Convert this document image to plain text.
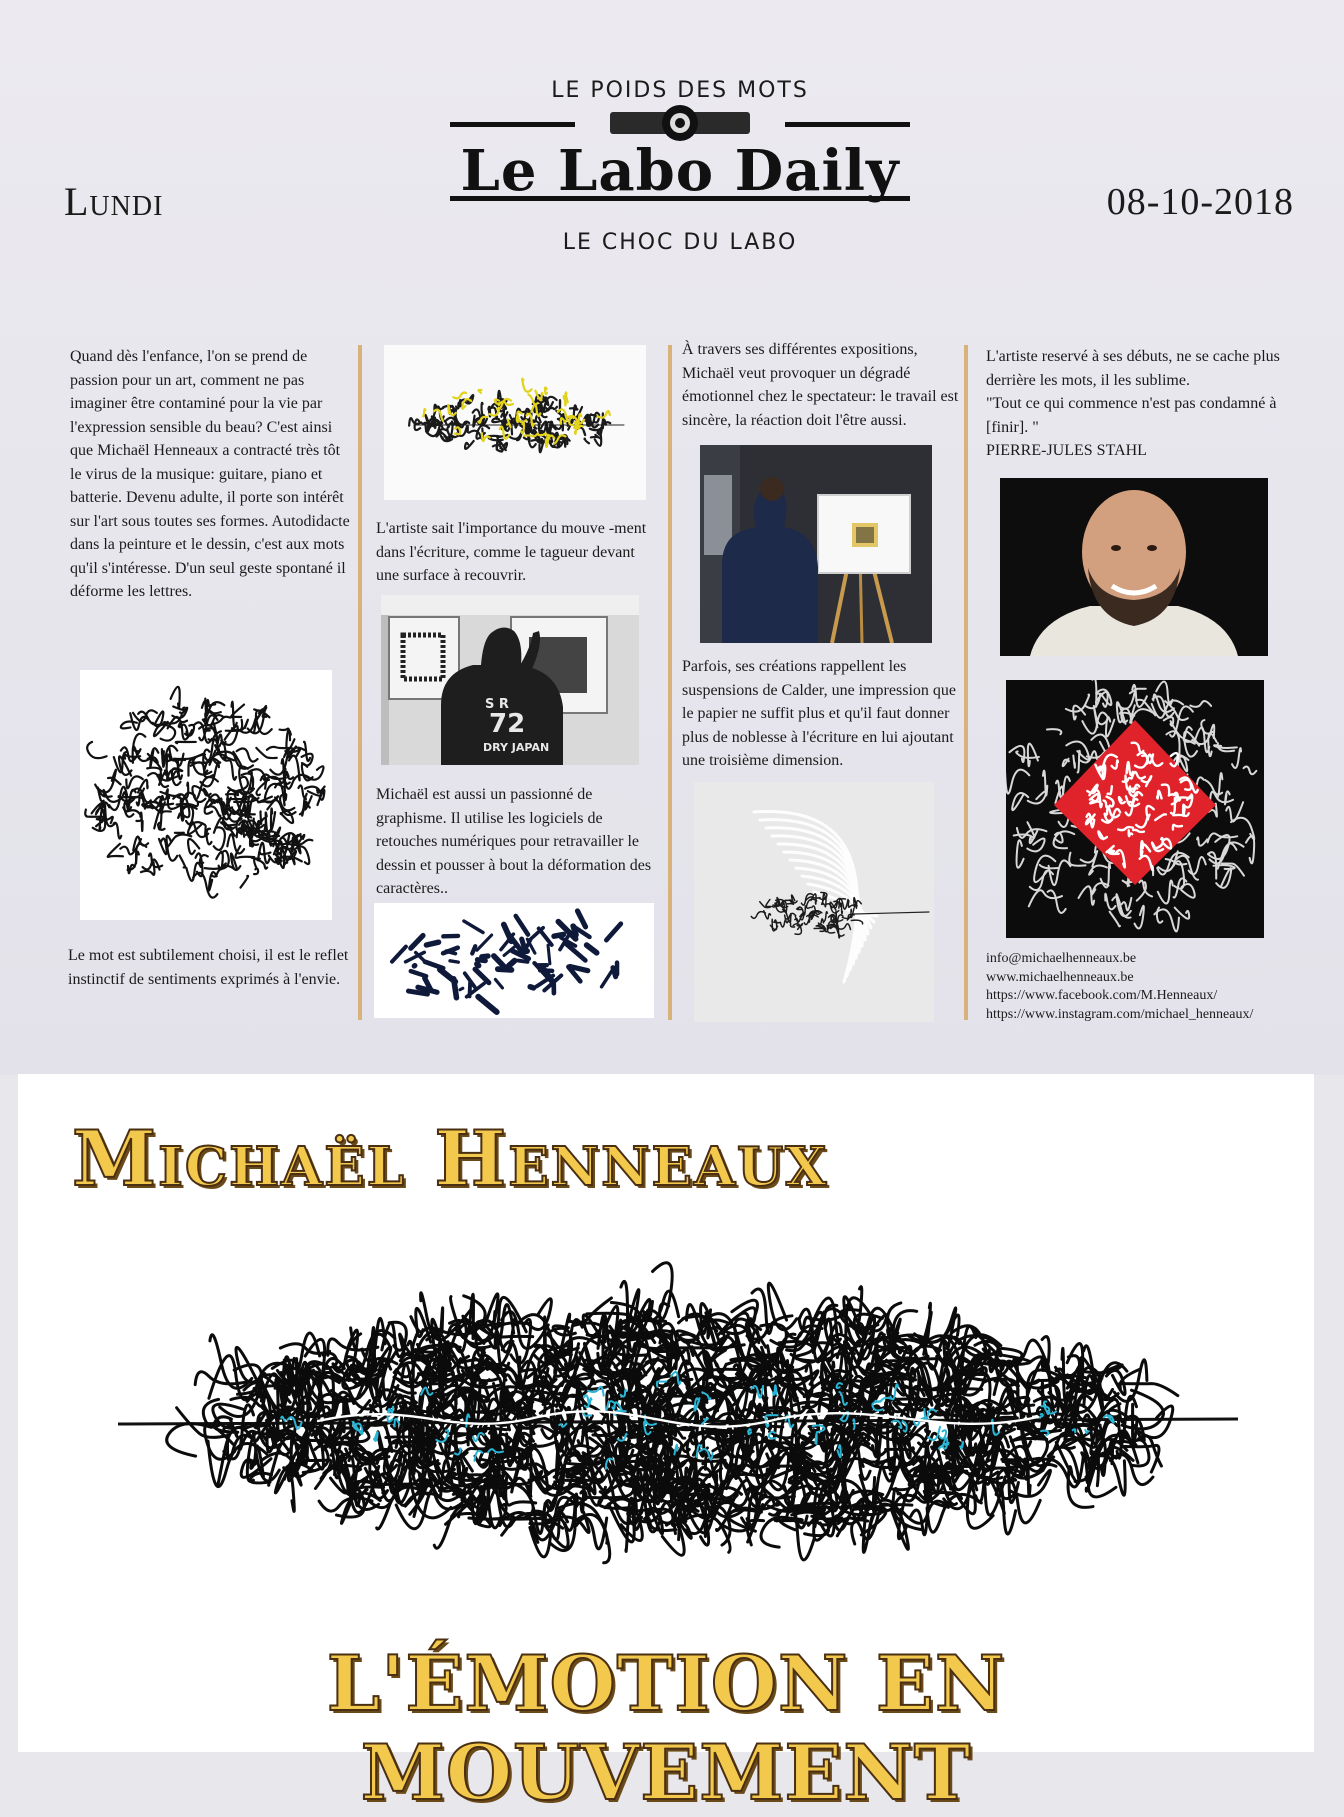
Lundi	08-10-2018
LE POIDS DES MOTS
Le Labo Daily
LE CHOC DU LABO

Quand dès l'enfance, l'on se prend de passion pour un art, comment ne pas imaginer être contaminé pour la vie par l'expression sensible du beau? C'est ainsi que Michaël Henneaux a contracté très tôt le virus de la musique: guitare, piano et batterie. Devenu adulte, il porte son intérêt sur l'art sous toutes ses formes. Autodidacte dans la peinture et le dessin, c'est aux mots qu'il s'intéresse. D'un seul geste spontané il déforme les lettres.

Le mot est subtilement choisi, il est le reflet instinctif de sentiments exprimés à l'envie.

L'artiste sait l'importance du mouve -ment dans l'écriture, comme le tagueur devant une surface à recouvrir.

S R
72
DRY JAPAN

Michaël est aussi un passionné de graphisme. Il utilise les logiciels de retouches numériques pour retravailler le dessin et pousser à bout la déformation des caractères..

À travers ses différentes expositions, Michaël veut provoquer un dégradé émotionnel chez le spectateur: le travail est sincère, la réaction doit l'être aussi.

Parfois, ses créations rappellent les suspensions de Calder, une impression que le papier ne suffit plus et qu'il faut donner plus de noblesse à l'écriture en lui ajoutant une troisième dimension.

L'artiste reservé à ses débuts, ne se cache plus derrière les mots, il les sublime.

"Tout ce qui commence n'est pas condamné à [finir]. "

PIERRE-JULES STAHL

info@michaelhenneaux.be
www.michaelhenneaux.be
https://www.facebook.com/M.Henneaux/
https://www.instagram.com/michael_henneaux/
Michaël Henneaux
L'ÉMOTION EN MOUVEMENT
